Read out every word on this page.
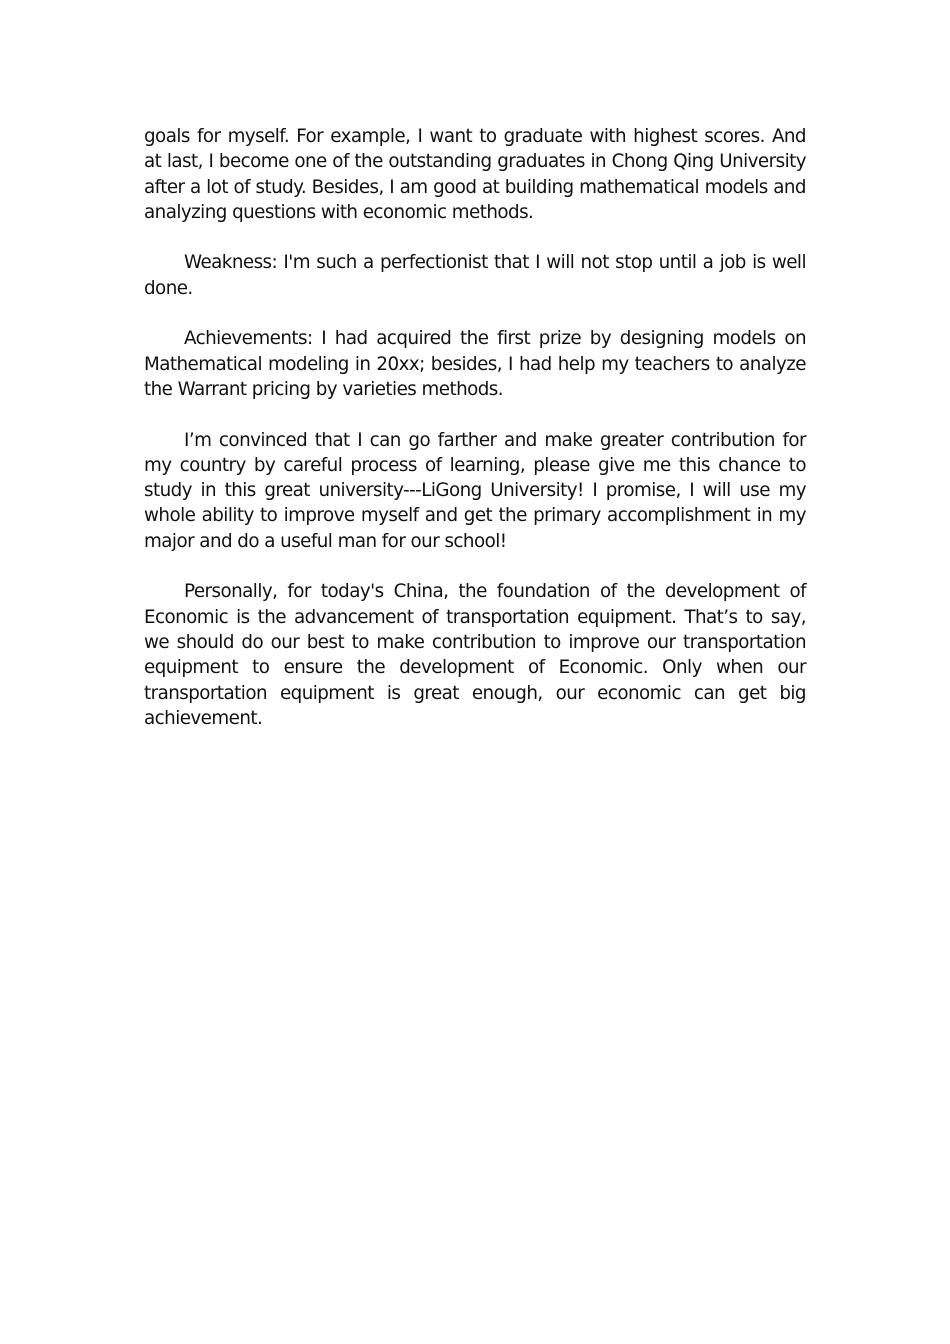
goals for myself. For example, I want to graduate with highest scores. And at last, I become one of the outstanding graduates in Chong Qing University after a lot of study. Besides, I am good at building mathematical models and analyzing questions with economic methods.

Weakness: I'm such a perfectionist that I will not stop until a job is well done.

Achievements: I had acquired the first prize by designing models on Mathematical modeling in 20xx; besides, I had help my teachers to analyze the Warrant pricing by varieties methods.

I’m convinced that I can go farther and make greater contribution for my country by careful process of learning, please give me this chance to study in this great university---LiGong University! I promise, I will use my whole ability to improve myself and get the primary accomplishment in my major and do a useful man for our school!

Personally, for today's China, the foundation of the development of Economic is the advancement of transportation equipment. That’s to say, we should do our best to make contribution to improve our transportation equipment to ensure the development of Economic. Only when our transportation equipment is great enough, our economic can get big achievement.
